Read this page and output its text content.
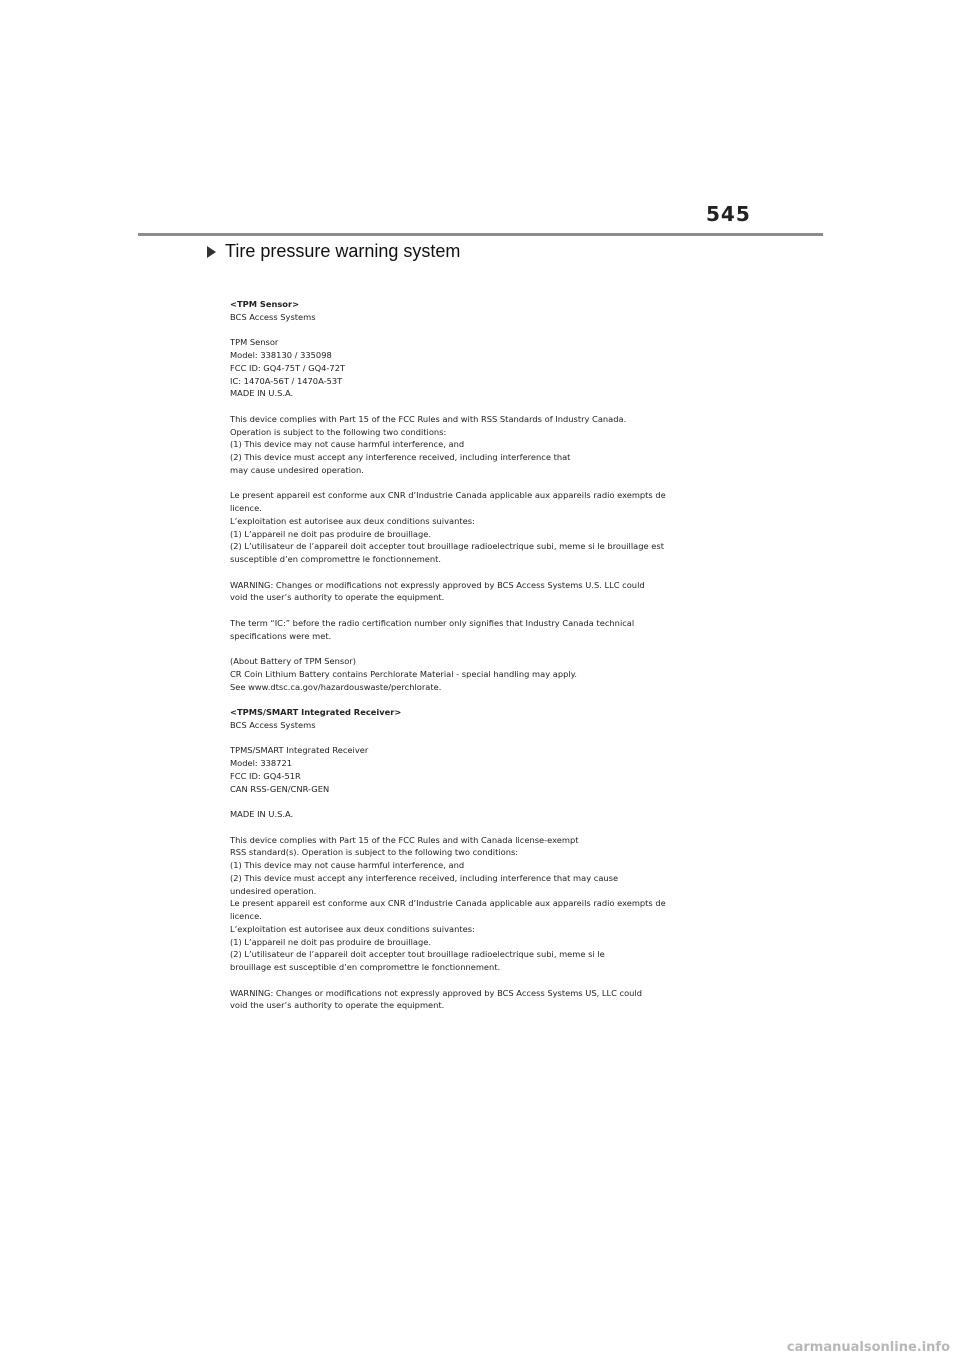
545
Tire pressure warning system
<TPM Sensor>
BCS Access Systems
TPM Sensor
Model: 338130 / 335098
FCC ID: GQ4-75T / GQ4-72T
IC: 1470A-56T / 1470A-53T
MADE IN U.S.A.
This device complies with Part 15 of the FCC Rules and with RSS Standards of Industry Canada.
Operation is subject to the following two conditions:
(1) This device may not cause harmful interference, and
(2) This device must accept any interference received, including interference that
may cause undesired operation.
Le present appareil est conforme aux CNR d’Industrie Canada applicable aux appareils radio exempts de
licence.
L’exploitation est autorisee aux deux conditions suivantes:
(1) L’appareil ne doit pas produire de brouillage.
(2) L’utilisateur de l’appareil doit accepter tout brouillage radioelectrique subi, meme si le brouillage est
susceptible d’en compromettre le fonctionnement.
WARNING: Changes or modifications not expressly approved by BCS Access Systems U.S. LLC could
void the user’s authority to operate the equipment.
The term “IC:” before the radio certification number only signifies that Industry Canada technical
specifications were met.
(About Battery of TPM Sensor)
CR Coin Lithium Battery contains Perchlorate Material - special handling may apply.
See www.dtsc.ca.gov/hazardouswaste/perchlorate.
<TPMS/SMART Integrated Receiver>
BCS Access Systems
TPMS/SMART Integrated Receiver
Model: 338721
FCC ID: GQ4-51R
CAN RSS-GEN/CNR-GEN
MADE IN U.S.A.
This device complies with Part 15 of the FCC Rules and with Canada license-exempt
RSS standard(s). Operation is subject to the following two conditions:
(1) This device may not cause harmful interference, and
(2) This device must accept any interference received, including interference that may cause
undesired operation.
Le present appareil est conforme aux CNR d’Industrie Canada applicable aux appareils radio exempts de
licence.
L’exploitation est autorisee aux deux conditions suivantes:
(1) L’appareil ne doit pas produire de brouillage.
(2) L’utilisateur de l’appareil doit accepter tout brouillage radioelectrique subi, meme si le
brouillage est susceptible d’en compromettre le fonctionnement.
WARNING: Changes or modifications not expressly approved by BCS Access Systems US, LLC could
void the user’s authority to operate the equipment.
carmanualsonline.info
